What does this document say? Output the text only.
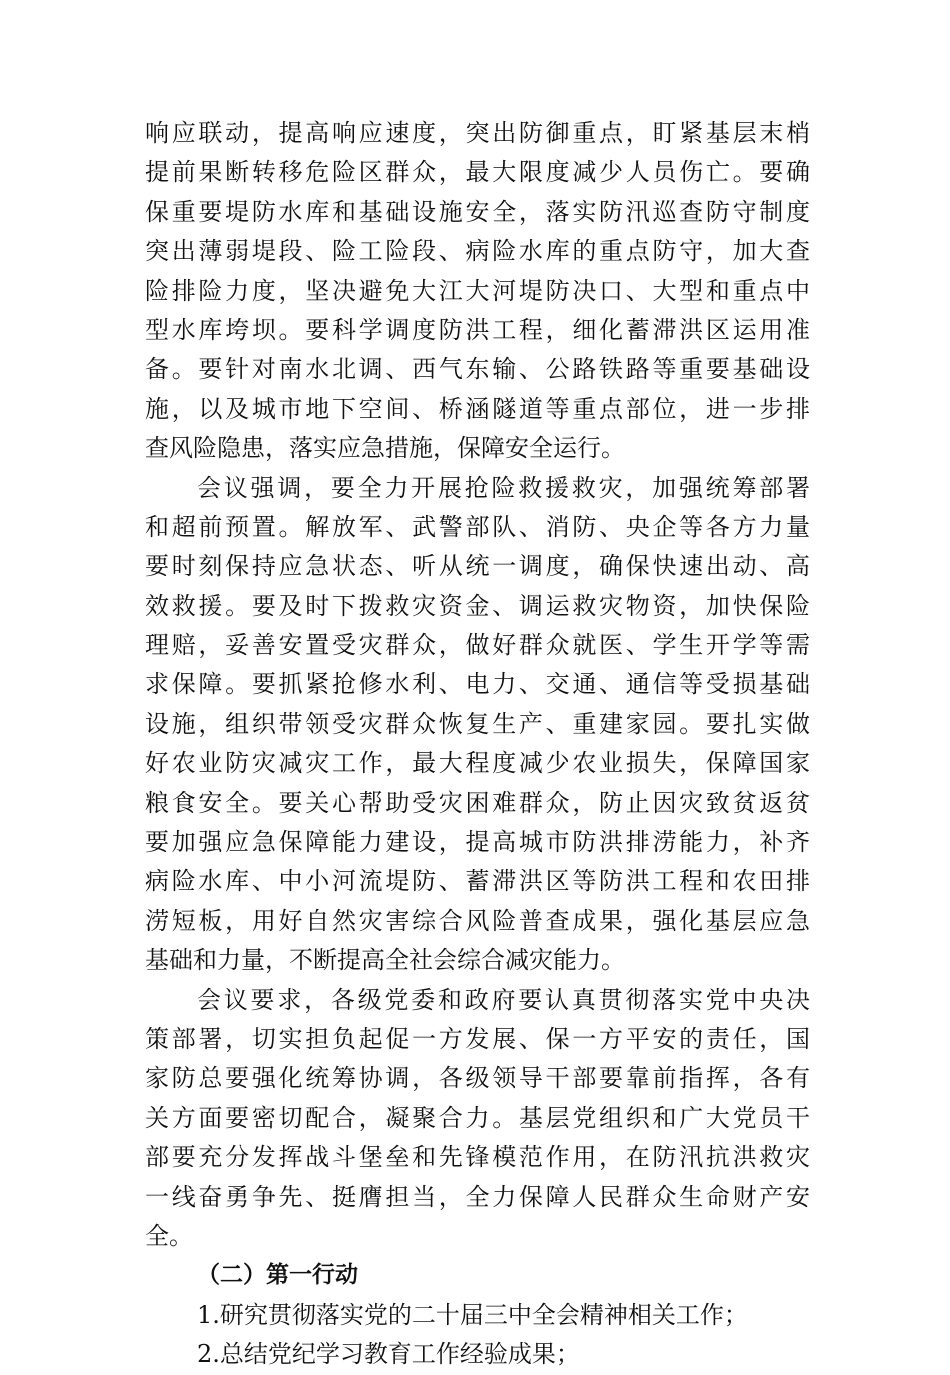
响应联动，提高响应速度，突出防御重点，盯紧基层末梢
提前果断转移危险区群众，最大限度减少人员伤亡。要确
保重要堤防水库和基础设施安全，落实防汛巡查防守制度
突出薄弱堤段、险工险段、病险水库的重点防守，加大查
险排险力度，坚决避免大江大河堤防决口、大型和重点中
型水库垮坝。要科学调度防洪工程，细化蓄滞洪区运用准
备。要针对南水北调、西气东输、公路铁路等重要基础设
施，以及城市地下空间、桥涵隧道等重点部位，进一步排
查风险隐患，落实应急措施，保障安全运行。
会议强调，要全力开展抢险救援救灾，加强统筹部署
和超前预置。解放军、武警部队、消防、央企等各方力量
要时刻保持应急状态、听从统一调度，确保快速出动、高
效救援。要及时下拨救灾资金、调运救灾物资，加快保险
理赔，妥善安置受灾群众，做好群众就医、学生开学等需
求保障。要抓紧抢修水利、电力、交通、通信等受损基础
设施，组织带领受灾群众恢复生产、重建家园。要扎实做
好农业防灾减灾工作，最大程度减少农业损失，保障国家
粮食安全。要关心帮助受灾困难群众，防止因灾致贫返贫
要加强应急保障能力建设，提高城市防洪排涝能力，补齐
病险水库、中小河流堤防、蓄滞洪区等防洪工程和农田排
涝短板，用好自然灾害综合风险普查成果，强化基层应急
基础和力量，不断提高全社会综合减灾能力。
会议要求，各级党委和政府要认真贯彻落实党中央决
策部署，切实担负起促一方发展、保一方平安的责任，国
家防总要强化统筹协调，各级领导干部要靠前指挥，各有
关方面要密切配合，凝聚合力。基层党组织和广大党员干
部要充分发挥战斗堡垒和先锋模范作用，在防汛抗洪救灾
一线奋勇争先、挺膺担当，全力保障人民群众生命财产安
全。
（二）第一行动
1.研究贯彻落实党的二十届三中全会精神相关工作；
2.总结党纪学习教育工作经验成果；
